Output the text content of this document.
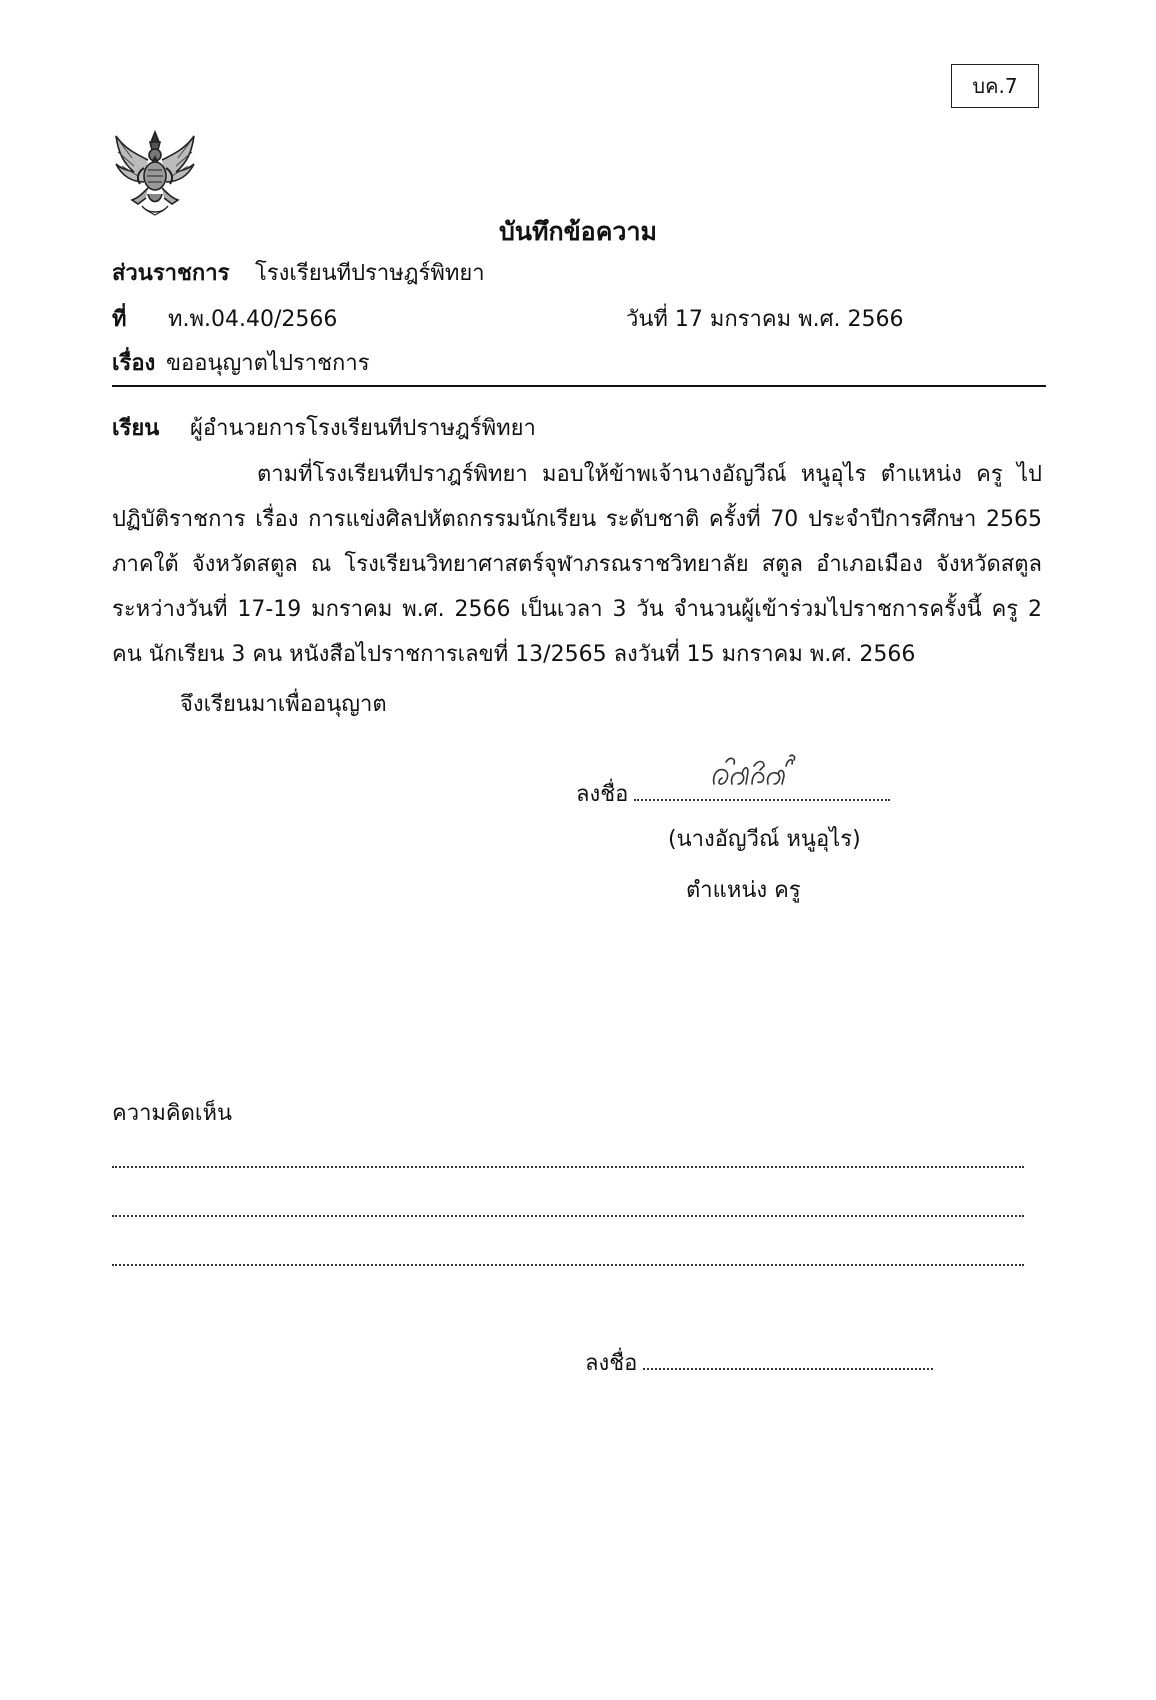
บค.7
บันทึกข้อความ
ส่วนราชการ โรงเรียนทีปราษฎร์พิทยา
ที่ ท.พ.04.40/2566	วันที่ 17 มกราคม พ.ศ. 2566
เรื่อง ขออนุญาตไปราชการ
เรียน ผู้อำนวยการโรงเรียนทีปราษฎร์พิทยา
ตามที่โรงเรียนทีปราฎร์พิทยา มอบให้ข้าพเจ้านางอัญวีณ์ หนูอุไร ตำแหน่ง ครู ไปปฏิบัติราชการ เรื่อง การแข่งศิลปหัตถกรรมนักเรียน ระดับชาติ ครั้งที่ 70 ประจำปีการศึกษา 2565 ภาคใต้ จังหวัดสตูล ณ โรงเรียนวิทยาศาสตร์จุฬาภรณราชวิทยาลัย สตูล อำเภอเมือง จังหวัดสตูล ระหว่างวันที่ 17-19 มกราคม พ.ศ. 2566 เป็นเวลา 3 วัน จำนวนผู้เข้าร่วมไปราชการครั้งนี้ ครู 2 คน นักเรียน 3 คน หนังสือไปราชการเลขที่ 13/2565 ลงวันที่ 15 มกราคม พ.ศ. 2566
จึงเรียนมาเพื่ออนุญาต
ลงชื่อ
(นางอัญวีณ์ หนูอุไร)
ตำแหน่ง ครู
ความคิดเห็น
ลงชื่อ
